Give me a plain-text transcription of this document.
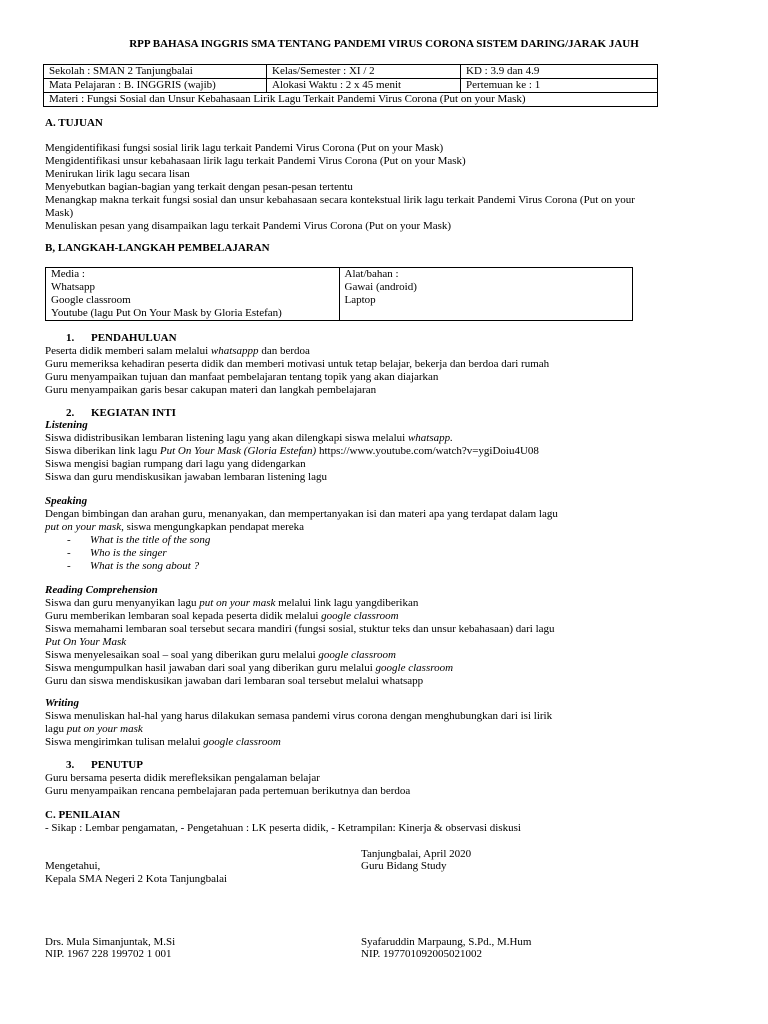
RPP BAHASA INGGRIS SMA TENTANG PANDEMI VIRUS CORONA SISTEM DARING/JARAK JAUH
Sekolah : SMAN 2 Tanjungbalai	Kelas/Semester : XI / 2	KD : 3.9 dan 4.9
Mata Pelajaran : B. INGGRIS (wajib)	Alokasi Waktu : 2 x 45 menit	Pertemuan ke : 1
Materi : Fungsi Sosial dan Unsur Kebahasaan Lirik Lagu Terkait Pandemi Virus Corona (Put on your Mask)		
A. TUJUAN
Mengidentifikasi fungsi sosial lirik lagu terkait Pandemi Virus Corona (Put on your Mask)
Mengidentifikasi unsur kebahasaan lirik lagu terkait Pandemi Virus Corona (Put on your Mask)
Menirukan lirik lagu secara lisan
Menyebutkan bagian-bagian yang terkait dengan pesan-pesan tertentu
Menangkap makna terkait fungsi sosial dan unsur kebahasaan secara kontekstual lirik lagu terkait Pandemi Virus Corona (Put on your
Mask)
Menuliskan pesan yang disampaikan lagu terkait Pandemi Virus Corona (Put on your Mask)
B, LANGKAH-LANGKAH PEMBELAJARAN
Media :
Whatsapp
Google classroom
Youtube (lagu Put On Your Mask by Gloria Estefan)

Alat/bahan :
Gawai (android)
Laptop
1. PENDAHULUAN
Peserta didik memberi salam melalui whatsappp dan berdoa
Guru memeriksa kehadiran peserta didik dan memberi motivasi untuk tetap belajar, bekerja dan berdoa dari rumah
Guru menyampaikan tujuan dan manfaat pembelajaran tentang topik yang akan diajarkan
Guru menyampaikan garis besar cakupan materi dan langkah pembelajaran
2. KEGIATAN INTI
Listening
Siswa didistribusikan lembaran listening lagu yang akan dilengkapi siswa melalui whatsapp.
Siswa diberikan link lagu Put On Your Mask (Gloria Estefan) https://www.youtube.com/watch?v=ygiDoiu4U08
Siswa mengisi bagian rumpang dari lagu yang didengarkan
Siswa dan guru mendiskusikan jawaban lembaran listening lagu
Speaking
Dengan bimbingan dan arahan guru, menanyakan, dan mempertanyakan isi dan materi apa yang terdapat dalam lagu
put on your mask, siswa mengungkapkan pendapat mereka
- What is the title of the song
- Who is the singer
- What is the song about ?
Reading Comprehension
Siswa dan guru menyanyikan lagu put on your mask melalui link lagu yangdiberikan
Guru memberikan lembaran soal kepada peserta didik melalui google classroom
Siswa memahami lembaran soal tersebut secara mandiri (fungsi sosial, stuktur teks dan unsur kebahasaan) dari lagu
Put On Your Mask
Siswa menyelesaikan soal – soal yang diberikan guru melalui google classroom
Siswa mengumpulkan hasil jawaban dari soal yang diberikan guru melalui google classroom
Guru dan siswa mendiskusikan jawaban dari lembaran soal tersebut melalui whatsapp
Writing
Siswa menuliskan hal-hal yang harus dilakukan semasa pandemi virus corona dengan menghubungkan dari isi lirik
lagu put on your mask
Siswa mengirimkan tulisan melalui google classroom
3. PENUTUP
Guru bersama peserta didik merefleksikan pengalaman belajar
Guru menyampaikan rencana pembelajaran pada pertemuan berikutnya dan berdoa
C. PENILAIAN
- Sikap : Lembar pengamatan, - Pengetahuan : LK peserta didik, - Ketrampilan: Kinerja & observasi diskusi
Tanjungbalai, April 2020
Guru Bidang Study
Mengetahui,
Kepala SMA Negeri 2 Kota Tanjungbalai
Drs. Mula Simanjuntak, M.Si
NIP. 1967 228 199702 1 001
Syafaruddin Marpaung, S.Pd., M.Hum
NIP. 197701092005021002
